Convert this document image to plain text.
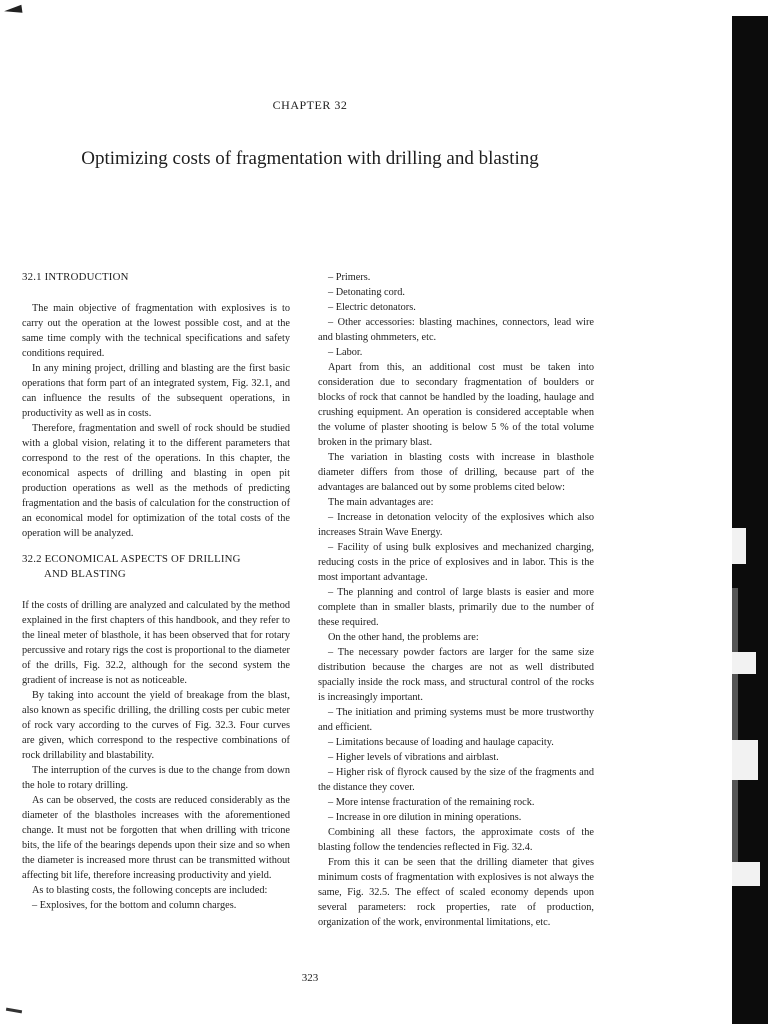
CHAPTER 32
Optimizing costs of fragmentation with drilling and blasting
32.1 INTRODUCTION

The main objective of fragmentation with explosives is to carry out the operation at the lowest possible cost, and at the same time comply with the technical specifications and safety conditions required.

In any mining project, drilling and blasting are the first basic operations that form part of an integrated system, Fig. 32.1, and can influence the results of the subsequent operations, in productivity as well as in costs.

Therefore, fragmentation and swell of rock should be studied with a global vision, relating it to the different parameters that correspond to the rest of the operations. In this chapter, the economical aspects of drilling and blasting in open pit production operations as well as the methods of predicting fragmentation and the basis of calculation for the construction of an economical model for optimization of the total costs of the operation will be analyzed.

32.2 ECONOMICAL ASPECTS OF DRILLING
AND BLASTING

If the costs of drilling are analyzed and calculated by the method explained in the first chapters of this handbook, and they refer to the lineal meter of blasthole, it has been observed that for rotary percussive and rotary rigs the cost is proportional to the diameter of the drills, Fig. 32.2, although for the second system the gradient of increase is not as noticeable.

By taking into account the yield of breakage from the blast, also known as specific drilling, the drilling costs per cubic meter of rock vary according to the curves of Fig. 32.3. Four curves are given, which correspond to the respective combinations of rock drillability and blastability.

The interruption of the curves is due to the change from down the hole to rotary drilling.

As can be observed, the costs are reduced considerably as the diameter of the blastholes increases with the aforementioned change. It must not be forgotten that when drilling with tricone bits, the life of the bearings depends upon their size and so when the diameter is increased more thrust can be transmitted without affecting bit life, therefore increasing productivity and yield.

As to blasting costs, the following concepts are included:

– Explosives, for the bottom and column charges.

– Primers.

– Detonating cord.

– Electric detonators.

– Other accessories: blasting machines, connectors, lead wire and blasting ohmmeters, etc.

– Labor.

Apart from this, an additional cost must be taken into consideration due to secondary fragmentation of boulders or blocks of rock that cannot be handled by the loading, haulage and crushing equipment. An operation is considered acceptable when the volume of plaster shooting is below 5 % of the total volume broken in the primary blast.

The variation in blasting costs with increase in blasthole diameter differs from those of drilling, because part of the advantages are balanced out by some problems cited below:

The main advantages are:

– Increase in detonation velocity of the explosives which also increases Strain Wave Energy.

– Facility of using bulk explosives and mechanized charging, reducing costs in the price of explosives and in labor. This is the most important advantage.

– The planning and control of large blasts is easier and more complete than in smaller blasts, primarily due to the number of these required.

On the other hand, the problems are:

– The necessary powder factors are larger for the same size distribution because the charges are not as well distributed spacially inside the rock mass, and structural control of the rocks is increasingly important.

– The initiation and priming systems must be more trustworthy and efficient.

– Limitations because of loading and haulage capacity.

– Higher levels of vibrations and airblast.

– Higher risk of flyrock caused by the size of the fragments and the distance they cover.

– More intense fracturation of the remaining rock.

– Increase in ore dilution in mining operations.

Combining all these factors, the approximate costs of the blasting follow the tendencies reflected in Fig. 32.4.

From this it can be seen that the drilling diameter that gives minimum costs of fragmentation with explosives is not always the same, Fig. 32.5. The effect of scaled economy depends upon several parameters: rock properties, rate of production, organization of the work, environmental limitations, etc.

323
